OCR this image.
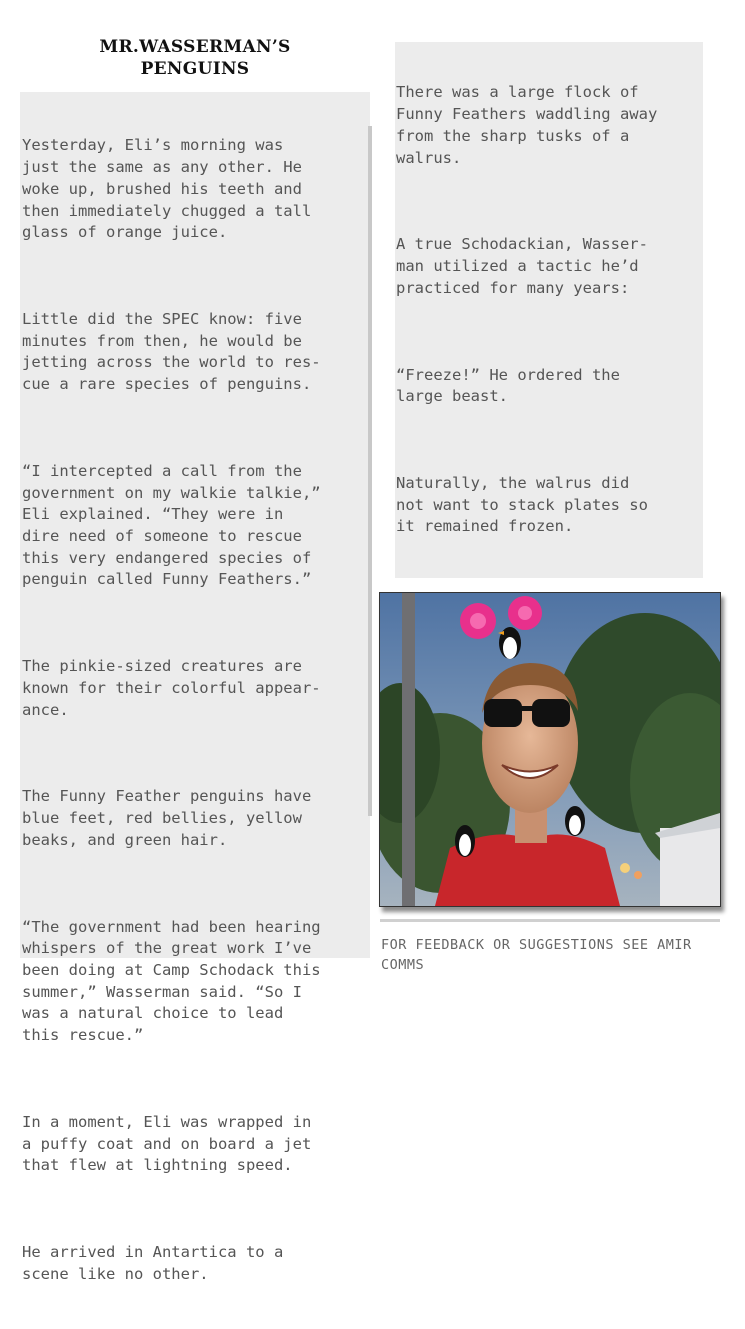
MR.WASSERMAN’S
PENGUINS

Yesterday, Eli’s morning was
just the same as any other. He
woke up, brushed his teeth and
then immediately chugged a tall
glass of orange juice.

Little did the SPEC know: five
minutes from then, he would be
jetting across the world to res-
cue a rare species of penguins.

“I intercepted a call from the
government on my walkie talkie,”
Eli explained. “They were in
dire need of someone to rescue
this very endangered species of
penguin called Funny Feathers.”

The pinkie-sized creatures are
known for their colorful appear-
ance.

The Funny Feather penguins have
blue feet, red bellies, yellow
beaks, and green hair.

“The government had been hearing
whispers of the great work I’ve
been doing at Camp Schodack this
summer,” Wasserman said. “So I
was a natural choice to lead
this rescue.”

In a moment, Eli was wrapped in
a puffy coat and on board a jet
that flew at lightning speed.

He arrived in Antartica to a
scene like no other.

There was a large flock of
Funny Feathers waddling away
from the sharp tusks of a
walrus.

A true Schodackian, Wasser-
man utilized a tactic he’d
practiced for many years:

“Freeze!” He ordered the
large beast.

Naturally, the walrus did
not want to stack plates so
it remained frozen.

FOR FEEDBACK OR SUGGESTIONS SEE AMIR
COMMS
